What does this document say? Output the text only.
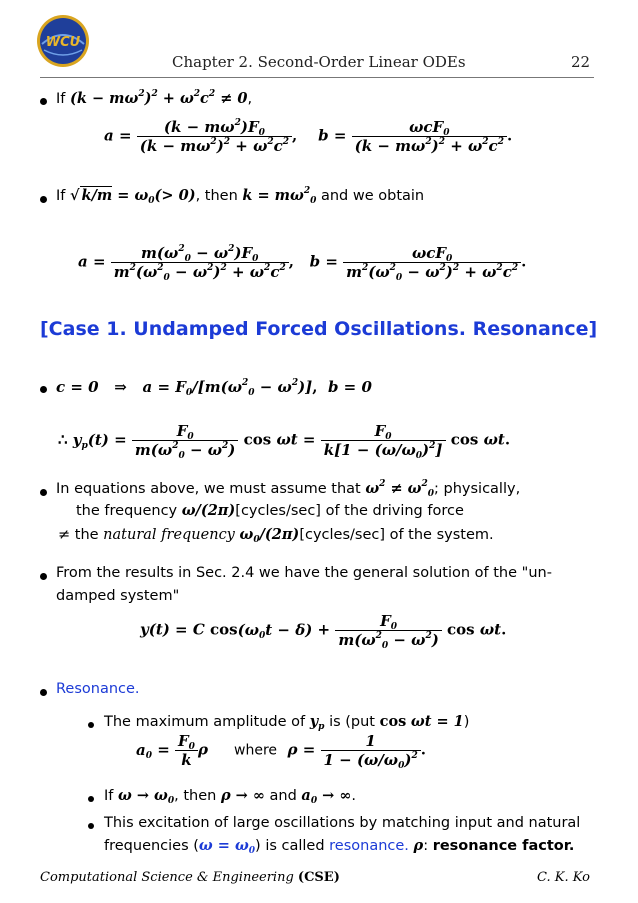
WCU
Chapter 2. Second-Order Linear ODEs	22
If $(k - m\omega^2)^2 + \omega^2c^2 \ne 0$,
$a = \frac{(k - m\omega^2)F_0}{(k - m\omega^2)^2 + \omega^2c^2}$ ,    $b = \frac{\omega cF_0}{(k - m\omega^2)^2 + \omega^2c^2}$ .
If √ $k/m = \omega_0(> 0)$, then $k = m\omega^2_0$ and we obtain
$a = \frac{m(\omega^2_0 - \omega^2)F_0}{m^2(\omega^2_0 - \omega^2)^2 + \omega^2c^2}$ ,   $b = \frac{\omega cF_0}{m^2(\omega^2_0 - \omega^2)^2 + \omega^2c^2}$ .
[Case 1. Undamped Forced Oscillations. Resonance]
c = 0   ⇒   $a = F_0/[m(\omega^2_0 - \omega^2)]$,  b = 0
∴ $y_p(t) = \frac{F_0}{m(\omega^2_0 - \omega^2)}$ $\cos \omega t = \frac{F_0}{k[1 - (\omega/\omega_0)^2]}$ cos ωt.
In equations above, we must assume that $\omega^2 \ne \omega^2_0$; physically,
the frequency ω/(2π)[cycles/sec] of the driving force
≠ the natural frequency $\omega_0/(2\pi)[cycles/\sec]$ of the system.
From the results in Sec. 2.4 we have the general solution of the "un-
damped system"
y(t) = C $\cos(\omega_0t - \delta) + \frac{F_0}{m(\omega^2_0 - \omega^2)}$ cos ωt.
Resonance.
The maximum amplitude of $y_p$ is (put cos ωt = 1)
$a_0 = \frac{F_0}{k}$ ρ where $\rho = \frac{1}{1 - (\omega/\omega_0)^2}$ .
If $\omega \to \omega_0$, then ρ → ∞ and $a_0$ → ∞.
This excitation of large oscillations by matching input and natural
frequencies $(\omega = \omega_0)$ is called resonance. ρ: resonance factor.
Computational Science & Engineering (CSE)	C. K. Ko
